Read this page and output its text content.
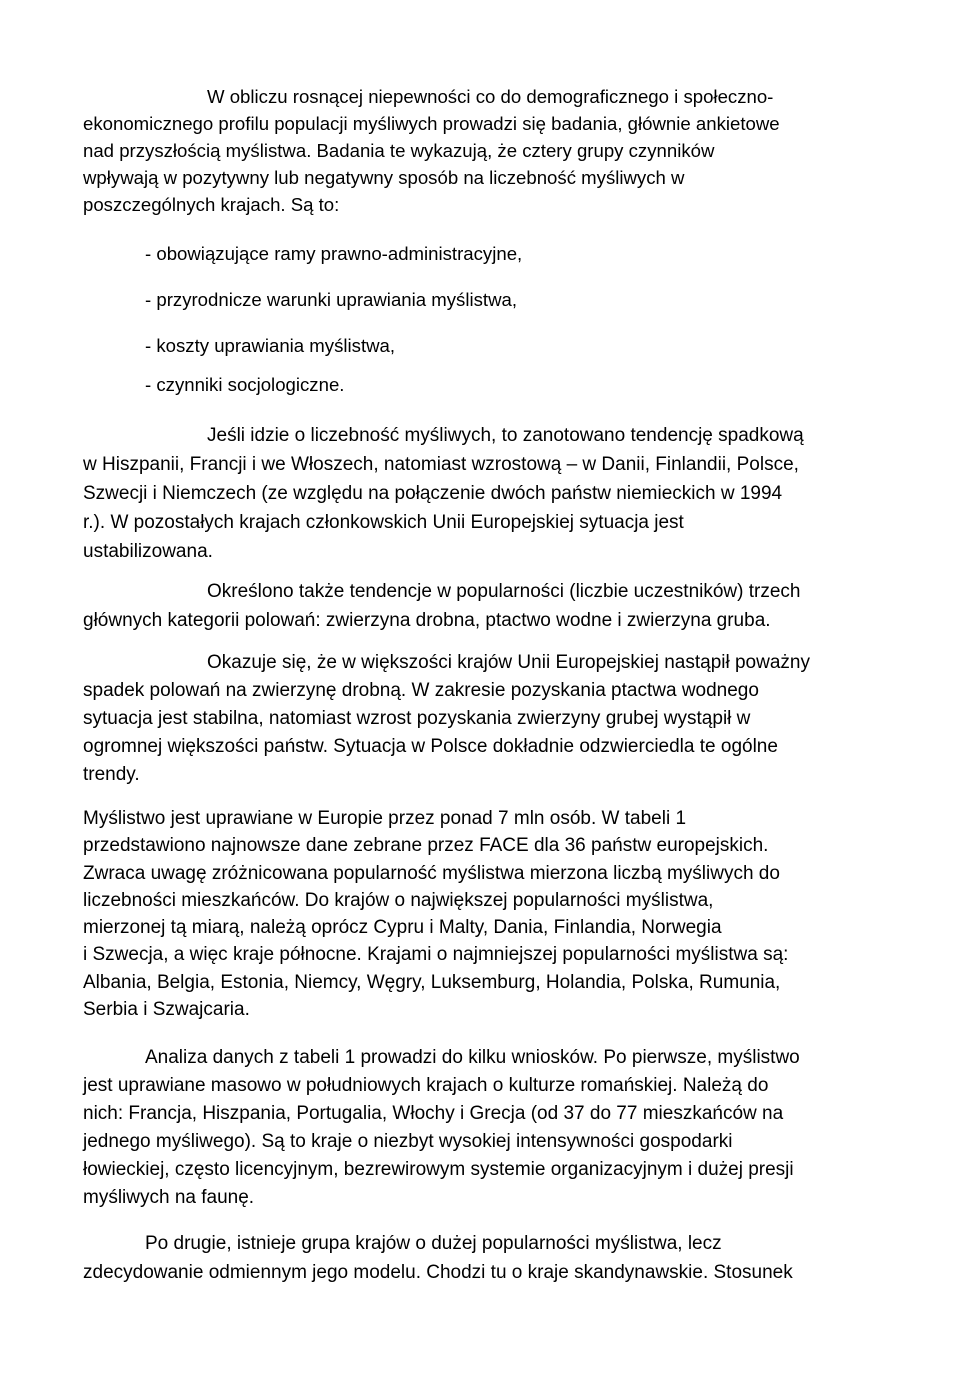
W obliczu rosnącej niepewności co do demograficznego i społeczno-
ekonomicznego profilu populacji myśliwych prowadzi się badania, głównie ankietowe
nad przyszłością myślistwa. Badania te wykazują, że cztery grupy czynników
wpływają w pozytywny lub negatywny sposób na liczebność myśliwych w
poszczególnych krajach. Są to:

- obowiązujące ramy prawno-administracyjne,

- przyrodnicze warunki uprawiania myślistwa,

- koszty uprawiania myślistwa,

- czynniki socjologiczne.

Jeśli idzie o liczebność myśliwych, to zanotowano tendencję spadkową
w Hiszpanii, Francji i we Włoszech, natomiast wzrostową – w Danii, Finlandii, Polsce,
Szwecji i Niemczech (ze względu na połączenie dwóch państw niemieckich w 1994
r.). W pozostałych krajach członkowskich Unii Europejskiej sytuacja jest
ustabilizowana.

Określono także tendencje w popularności (liczbie uczestników) trzech
głównych kategorii polowań: zwierzyna drobna, ptactwo wodne i zwierzyna gruba.

Okazuje się, że w większości krajów Unii Europejskiej nastąpił poważny
spadek polowań na zwierzynę drobną. W zakresie pozyskania ptactwa wodnego
sytuacja jest stabilna, natomiast wzrost pozyskania zwierzyny grubej wystąpił w
ogromnej większości państw. Sytuacja w Polsce dokładnie odzwierciedla te ogólne
trendy.

Myślistwo jest uprawiane w Europie przez ponad 7 mln osób. W tabeli 1
przedstawiono najnowsze dane zebrane przez FACE dla 36 państw europejskich.
Zwraca uwagę zróżnicowana popularność myślistwa mierzona liczbą myśliwych do
liczebności mieszkańców. Do krajów o największej popularności myślistwa,
mierzonej tą miarą, należą oprócz Cypru i Malty, Dania, Finlandia, Norwegia
i Szwecja, a więc kraje północne. Krajami o najmniejszej popularności myślistwa są:
Albania, Belgia, Estonia, Niemcy, Węgry, Luksemburg, Holandia, Polska, Rumunia,
Serbia i Szwajcaria.

Analiza danych z tabeli 1 prowadzi do kilku wniosków. Po pierwsze, myślistwo
jest uprawiane masowo w południowych krajach o kulturze romańskiej. Należą do
nich: Francja, Hiszpania, Portugalia, Włochy i Grecja (od 37 do 77 mieszkańców na
jednego myśliwego). Są to kraje o niezbyt wysokiej intensywności gospodarki
łowieckiej, często licencyjnym, bezrewirowym systemie organizacyjnym i dużej presji
myśliwych na faunę.

Po drugie, istnieje grupa krajów o dużej popularności myślistwa, lecz
zdecydowanie odmiennym jego modelu. Chodzi tu o kraje skandynawskie. Stosunek
